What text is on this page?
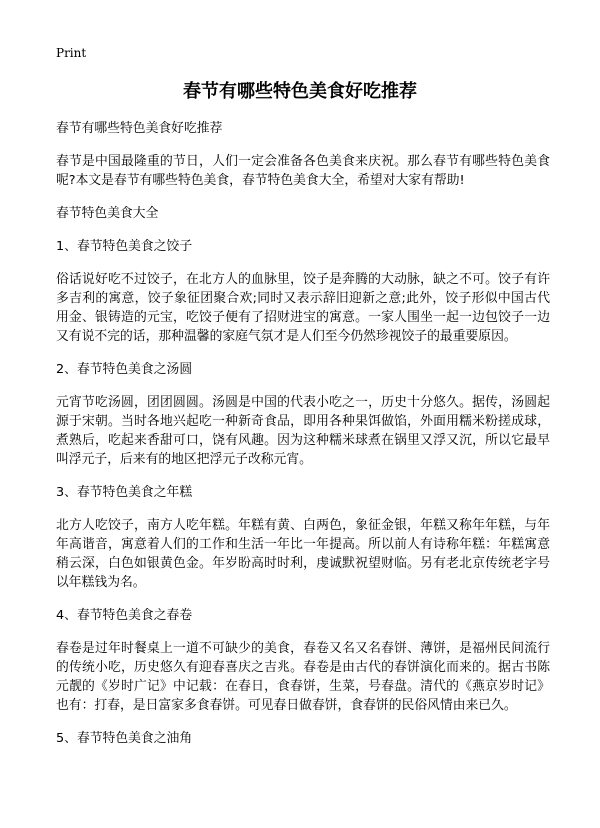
Print
春节有哪些特色美食好吃推荐

春节有哪些特色美食好吃推荐

春节是中国最隆重的节日，人们一定会准备各色美食来庆祝。那么春节有哪些特色美食呢?本文是春节有哪些特色美食，春节特色美食大全，希望对大家有帮助!

春节特色美食大全

1、春节特色美食之饺子

俗话说好吃不过饺子，在北方人的血脉里，饺子是奔腾的大动脉，缺之不可。饺子有许多吉利的寓意，饺子象征团聚合欢;同时又表示辞旧迎新之意;此外，饺子形似中国古代用金、银铸造的元宝，吃饺子便有了招财进宝的寓意。一家人围坐一起一边包饺子一边又有说不完的话，那种温馨的家庭气氛才是人们至今仍然珍视饺子的最重要原因。

2、春节特色美食之汤圆

元宵节吃汤圆，团团圆圆。汤圆是中国的代表小吃之一，历史十分悠久。据传，汤圆起源于宋朝。当时各地兴起吃一种新奇食品，即用各种果饵做馅，外面用糯米粉搓成球，煮熟后，吃起来香甜可口，饶有风趣。因为这种糯米球煮在锅里又浮又沉，所以它最早叫浮元子，后来有的地区把浮元子改称元宵。

3、春节特色美食之年糕

北方人吃饺子，南方人吃年糕。年糕有黄、白两色，象征金银，年糕又称年年糕，与年年高谐音，寓意着人们的工作和生活一年比一年提高。所以前人有诗称年糕：年糕寓意稍云深，白色如银黄色金。年岁盼高时时利，虔诚默祝望财临。另有老北京传统老字号以年糕钱为名。

4、春节特色美食之春卷

春卷是过年时餐桌上一道不可缺少的美食，春卷又名又名春饼、薄饼，是福州民间流行的传统小吃，历史悠久有迎春喜庆之吉兆。春卷是由古代的春饼演化而来的。据古书陈元靓的《岁时广记》中记载：在春日，食春饼，生菜，号春盘。清代的《燕京岁时记》也有：打春，是日富家多食春饼。可见春日做春饼，食春饼的民俗风情由来已久。

5、春节特色美食之油角
